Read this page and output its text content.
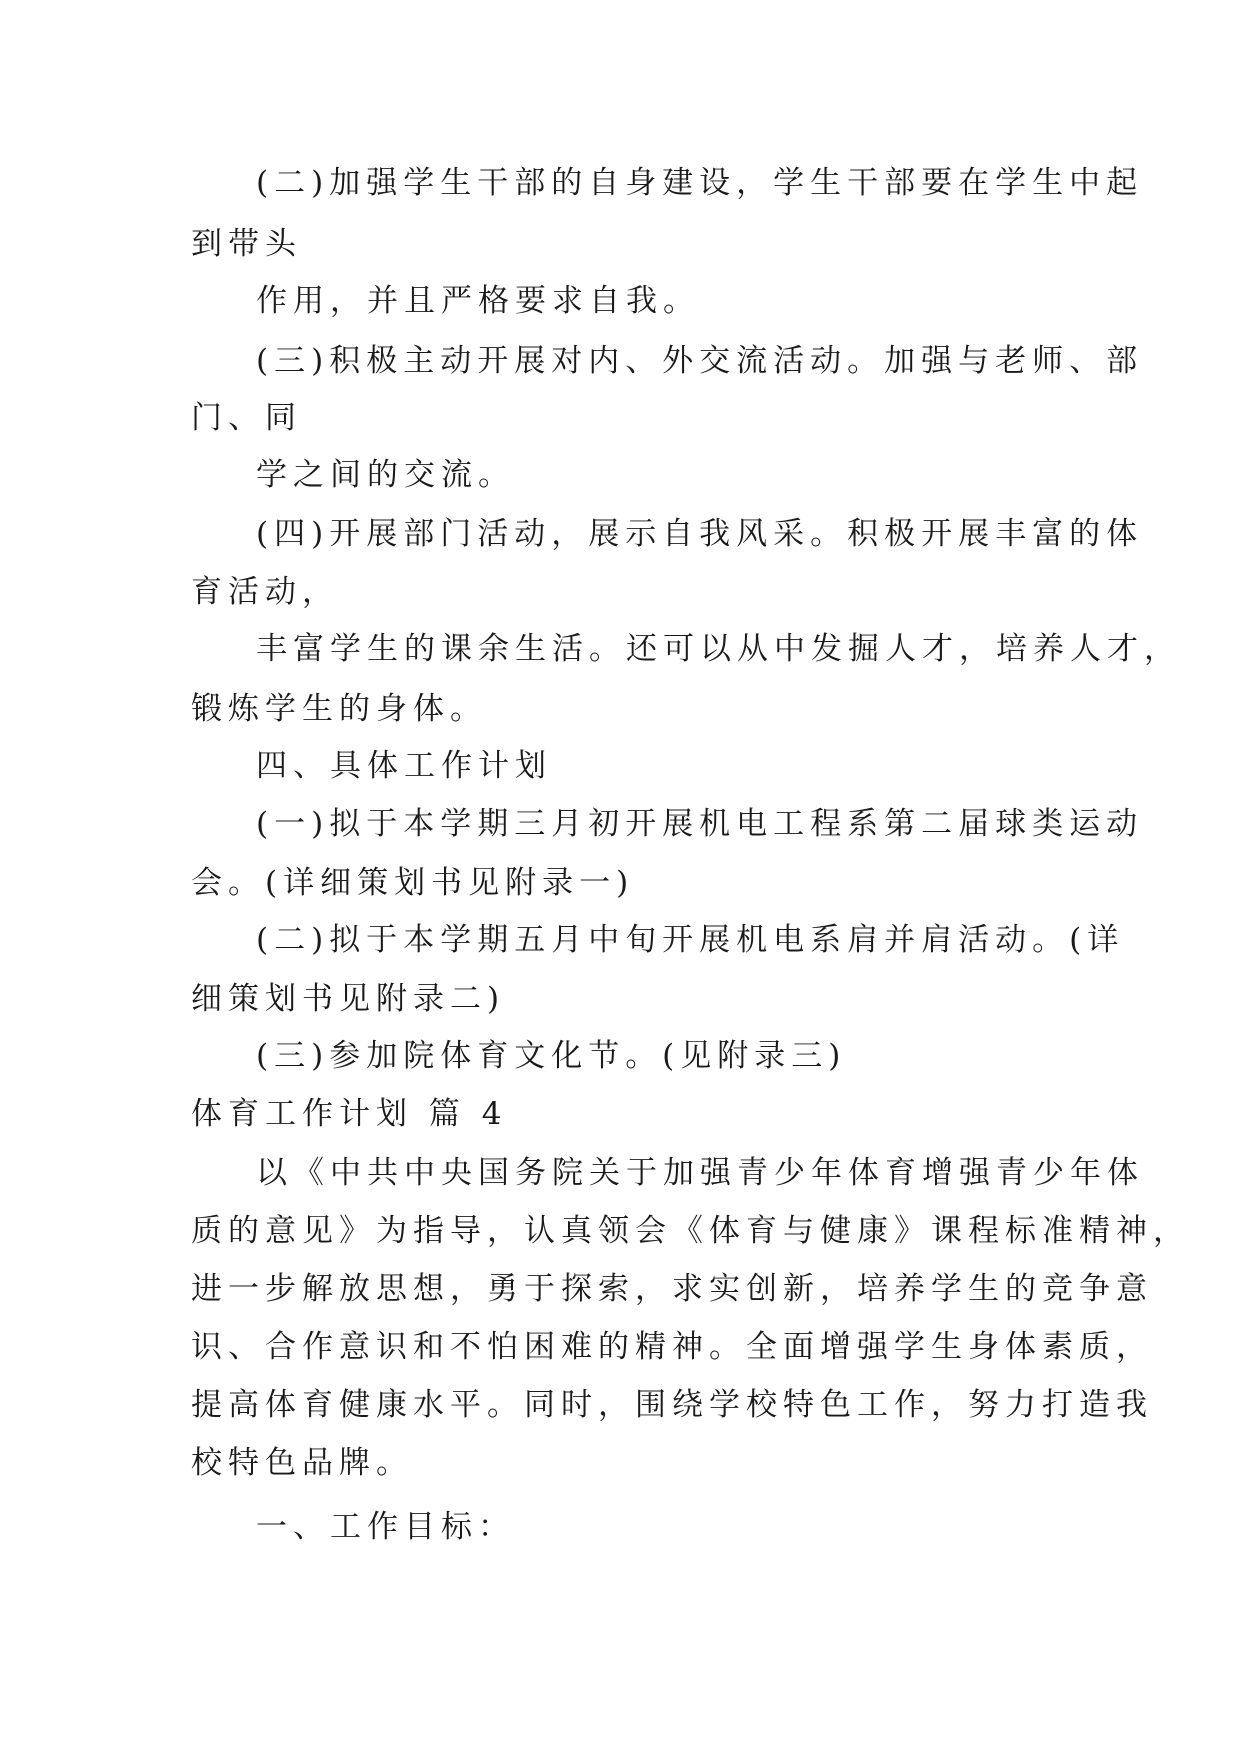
(二)加强学生干部的自身建设，学生干部要在学生中起
到带头
作用，并且严格要求自我。
(三)积极主动开展对内、外交流活动。加强与老师、部
门、同
学之间的交流。
(四)开展部门活动，展示自我风采。积极开展丰富的体
育活动，
丰富学生的课余生活。还可以从中发掘人才，培养人才，
锻炼学生的身体。
四、具体工作计划
(一)拟于本学期三月初开展机电工程系第二届球类运动
会。(详细策划书见附录一)
(二)拟于本学期五月中旬开展机电系肩并肩活动。(详
细策划书见附录二)
(三)参加院体育文化节。(见附录三)
体育工作计划 篇 4
以《中共中央国务院关于加强青少年体育增强青少年体
质的意见》为指导，认真领会《体育与健康》课程标准精神，
进一步解放思想，勇于探索，求实创新，培养学生的竞争意
识、合作意识和不怕困难的精神。全面增强学生身体素质，
提高体育健康水平。同时，围绕学校特色工作，努力打造我
校特色品牌。
一、工作目标：
